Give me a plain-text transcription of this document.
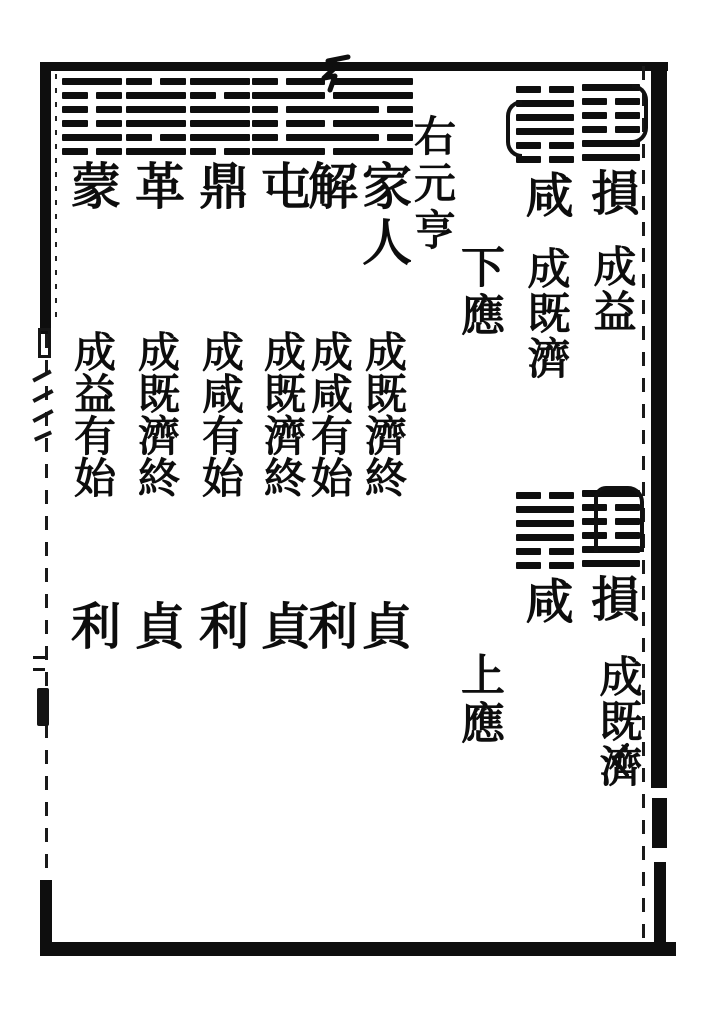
蒙
成益有始
利
革
成既濟終
貞
鼎
成咸有始
利
屯
成既濟終
貞
解
成咸有始
利
家人
成既濟終
貞
右元亨 咸
成既濟
損
成益
下應
咸 損
成既濟
上應
